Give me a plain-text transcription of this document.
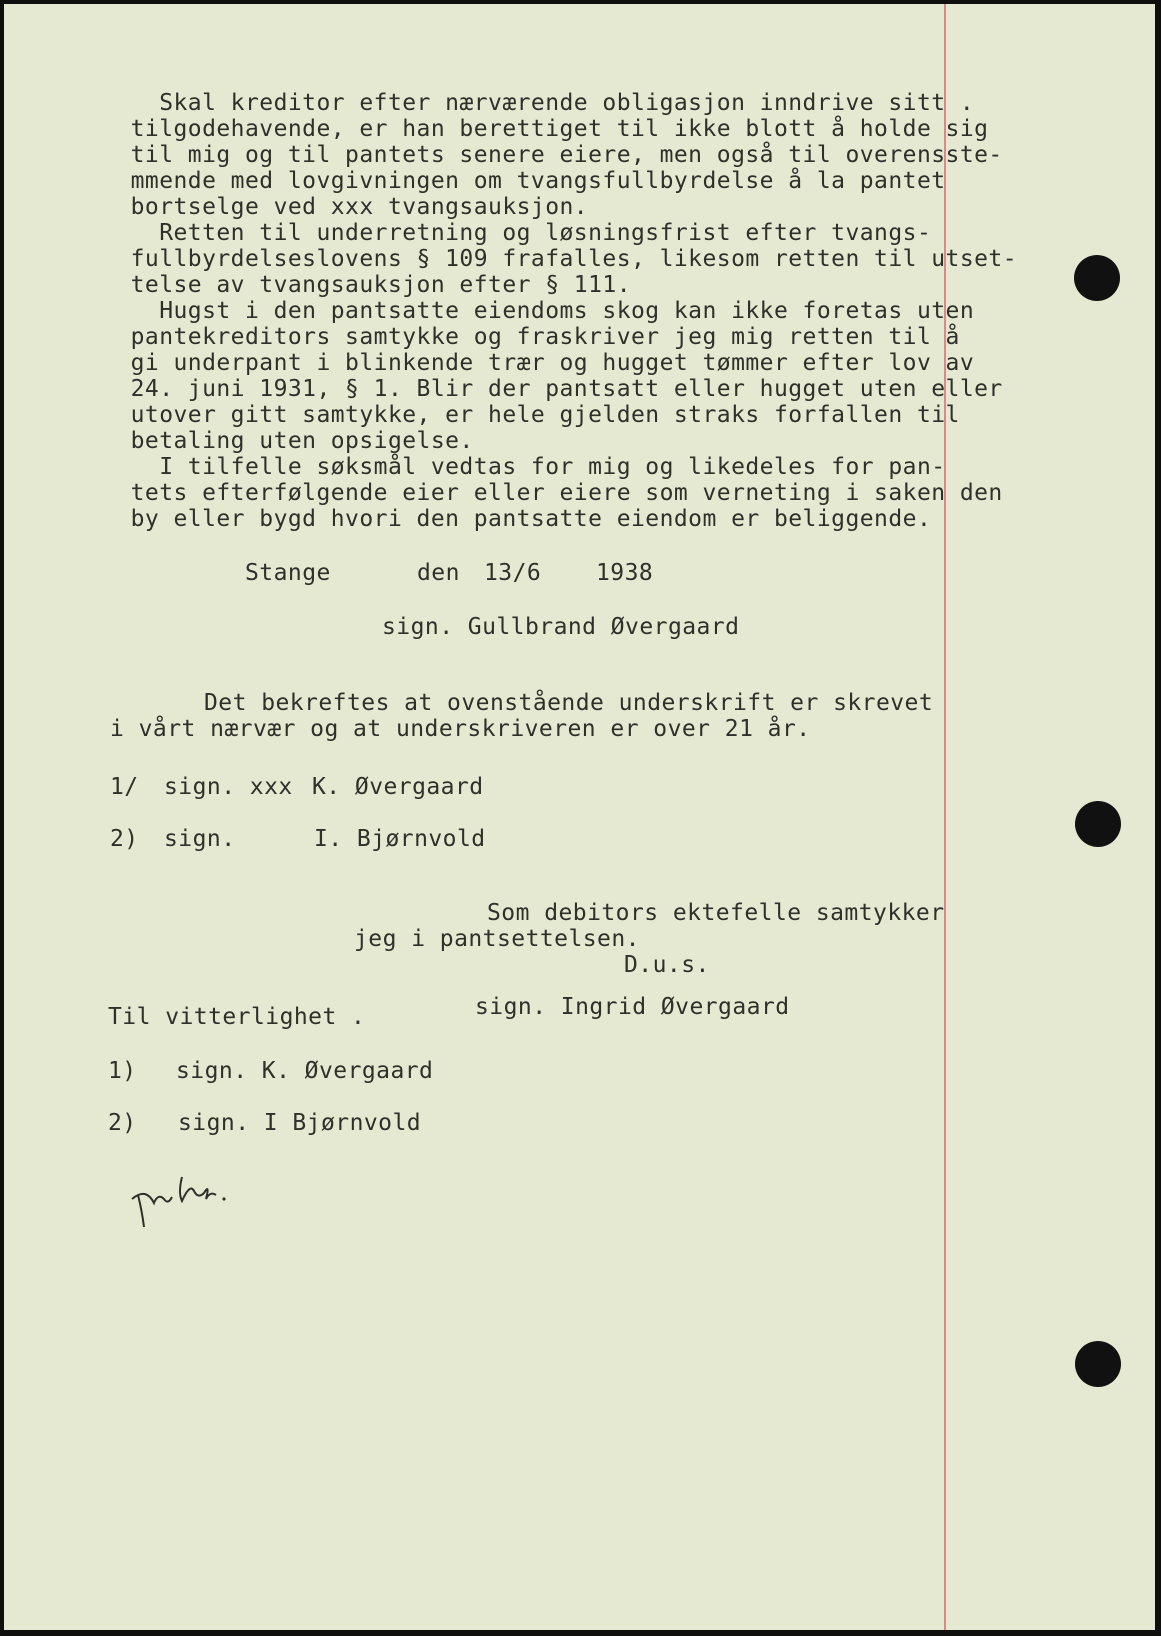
Skal kreditor efter nærværende obligasjon inndrive sitt .
tilgodehavende, er han berettiget til ikke blott å holde sig
til mig og til pantets senere eiere, men også til overensste-
mmende med lovgivningen om tvangsfullbyrdelse å la pantet
bortselge ved xxx tvangsauksjon.
Retten til underretning og løsningsfrist efter tvangs-
fullbyrdelseslovens § 109 frafalles, likesom retten til utset-
telse av tvangsauksjon efter § 111.
Hugst i den pantsatte eiendoms skog kan ikke foretas uten
pantekreditors samtykke og fraskriver jeg mig retten til å
gi underpant i blinkende trær og hugget tømmer efter lov av
24. juni 1931, § 1. Blir der pantsatt eller hugget uten eller
utover gitt samtykke, er hele gjelden straks forfallen til
betaling uten opsigelse.
I tilfelle søksmål vedtas for mig og likedeles for pan-
tets efterfølgende eier eller eiere som verneting i saken den
by eller bygd hvori den pantsatte eiendom er beliggende.
Stange	den 13/6 1938
sign. Gullbrand Øvergaard
Det bekreftes at ovenstående underskrift er skrevet
i vårt nærvær og at underskriveren er over 21 år.
1/ sign. xxx K. Øvergaard
2) sign.	I. Bjørnvold
Som debitors ektefelle samtykker
jeg i pantsettelsen.
D.u.s.
sign. Ingrid Øvergaard
Til vitterlighet .
1) sign. K. Øvergaard
2) sign. I Bjørnvold
